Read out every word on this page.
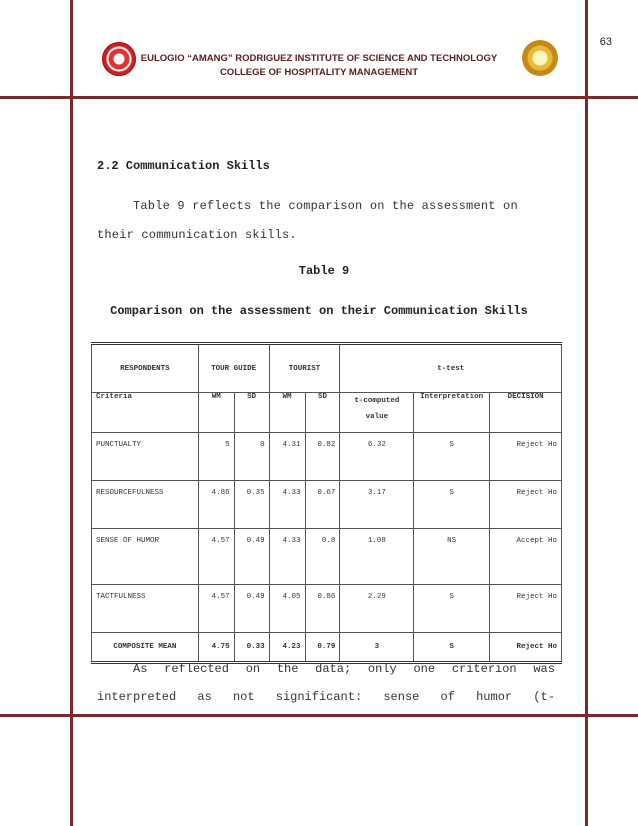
63
EULOGIO “AMANG” RODRIGUEZ INSTITUTE OF SCIENCE AND TECHNOLOGY
COLLEGE OF HOSPITALITY MANAGEMENT
2.2 Communication Skills
Table 9 reflects the comparison on the assessment on
their communication skills.
Table 9
Comparison on the assessment on their Communication Skills
RESPONDENTS	TOUR GUIDE		TOURIST		t-test		
Criteria	WM	SD	WM	SD	t-computed value	Interpretation	DECISION
PUNCTUALTY	5	0	4.31	0.82	6.32	S	Reject Ho
RESOURCEFULNESS	4.86	0.35	4.33	0.67	3.17	S	Reject Ho
SENSE OF HUMOR	4.57	0.49	4.33	0.8	1.08	NS	Accept Ho
TACTFULNESS	4.57	0.49	4.05	0.86	2.29	S	Reject Ho
COMPOSITE MEAN	4.75	0.33	4.23	0.79	3	S	Reject Ho
As reflected on the data; only one criterion was
interpreted as not significant: sense of humor (t-
